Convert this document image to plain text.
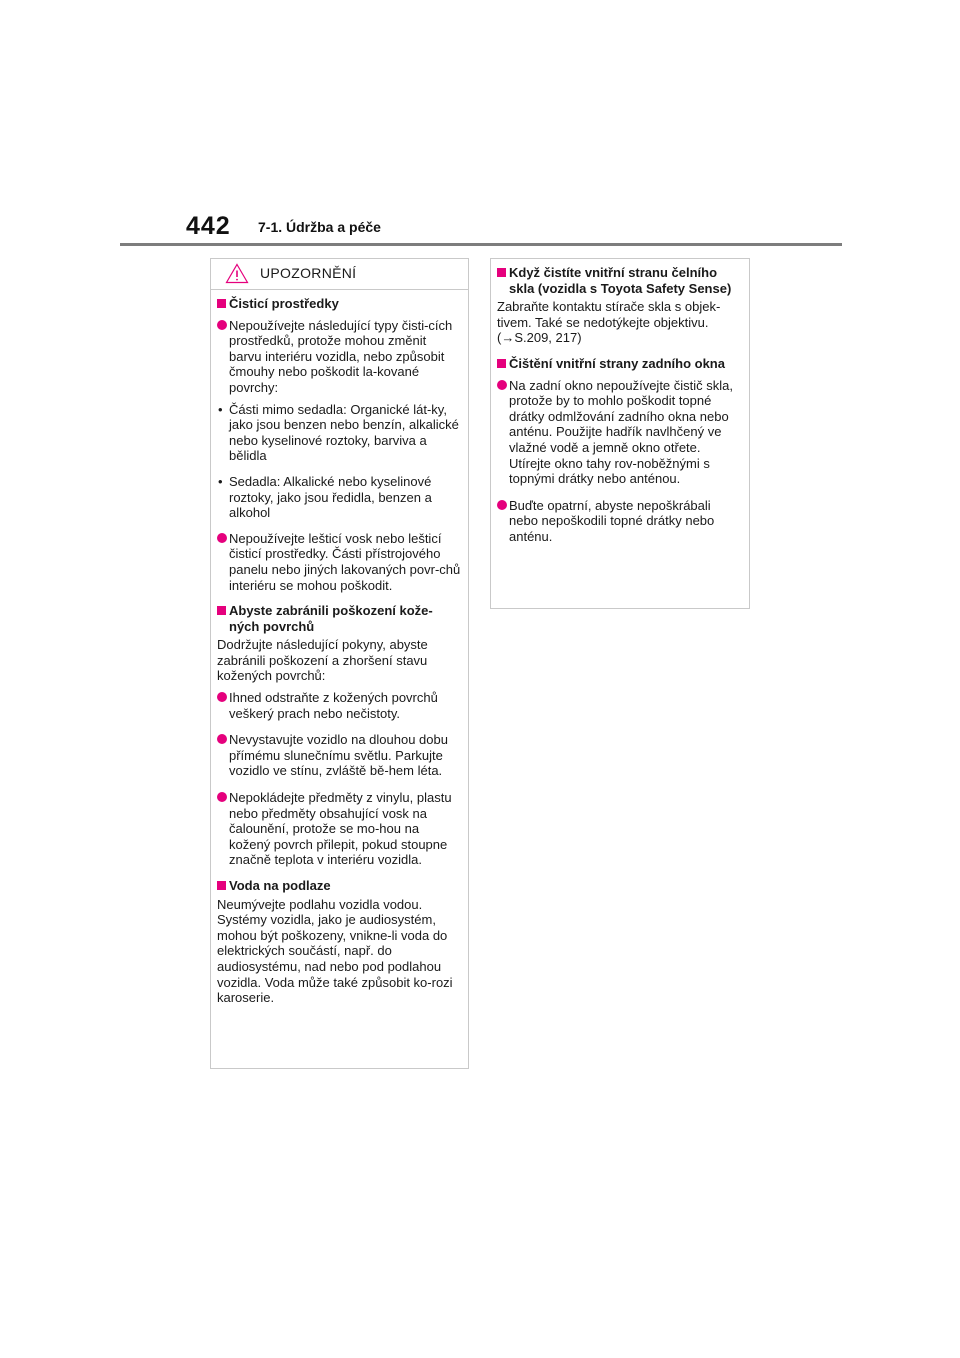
442 7-1. Údržba a péče
UPOZORNĚNÍ
Čisticí prostředky
Nepoužívejte následující typy čisti-cích prostředků, protože mohou změnit barvu interiéru vozidla, nebo způsobit čmouhy nebo poškodit la-kované povrchy:
• Části mimo sedadla: Organické lát-ky, jako jsou benzen nebo benzín, alkalické nebo kyselinové roztoky, barviva a bělidla
• Sedadla: Alkalické nebo kyselinové roztoky, jako jsou ředidla, benzen a alkohol
Nepoužívejte lešticí vosk nebo lešticí čisticí prostředky. Části přístrojového panelu nebo jiných lakovaných povr-chů interiéru se mohou poškodit.
Abyste zabránili poškození kože-ných povrchů
Dodržujte následující pokyny, abyste zabránili poškození a zhoršení stavu kožených povrchů:
Ihned odstraňte z kožených povrchů veškerý prach nebo nečistoty.
Nevystavujte vozidlo na dlouhou dobu přímému slunečnímu světlu. Parkujte vozidlo ve stínu, zvláště bě-hem léta.
Nepokládejte předměty z vinylu, plastu nebo předměty obsahující vosk na čalounění, protože se mo-hou na kožený povrch přilepit, pokud stoupne značně teplota v interiéru vozidla.
Voda na podlaze
Neumývejte podlahu vozidla vodou. Systémy vozidla, jako je audiosystém, mohou být poškozeny, vnikne-li voda do elektrických součástí, např. do audiosystému, nad nebo pod podlahou vozidla. Voda může také způsobit ko-rozi karoserie.
Když čistíte vnitřní stranu čelního skla (vozidla s Toyota Safety Sense)
Zabraňte kontaktu stírače skla s objek-tivem. Také se nedotýkejte objektivu. (→S.209, 217)
Čištění vnitřní strany zadního okna
Na zadní okno nepoužívejte čistič skla, protože by to mohlo poškodit topné drátky odmlžování zadního okna nebo anténu. Použijte hadřík navlhčený ve vlažné vodě a jemně okno otřete. Utírejte okno tahy rov-noběžnými s topnými drátky nebo anténou.
Buďte opatrní, abyste nepoškrábali nebo nepoškodili topné drátky nebo anténu.
